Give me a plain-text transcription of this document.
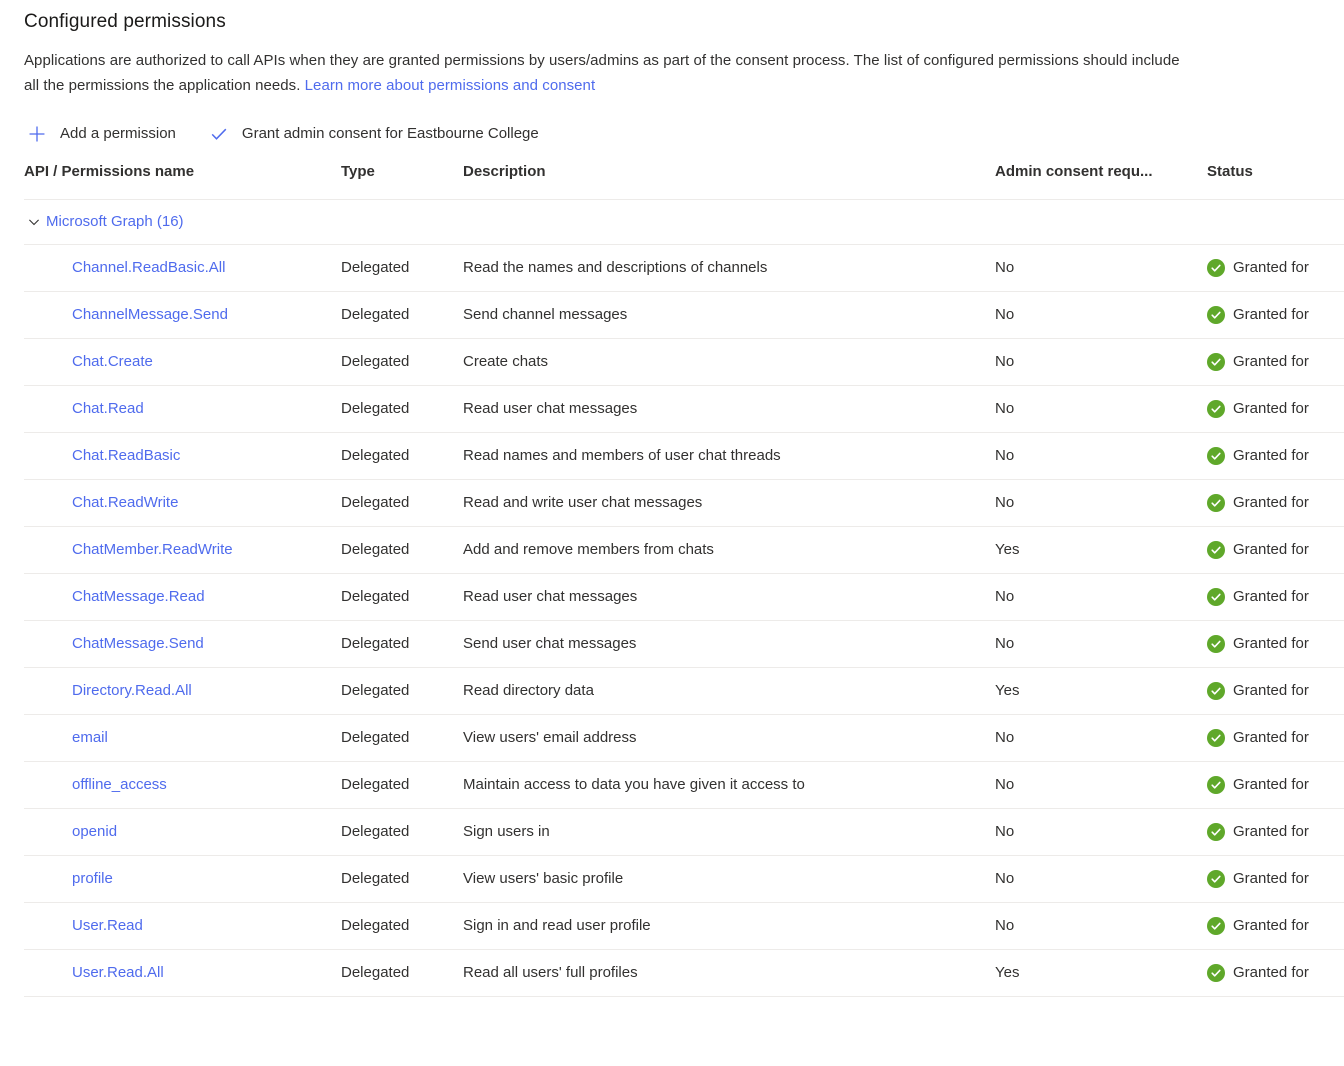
Configured permissions
Applications are authorized to call APIs when they are granted permissions by users/admins as part of the consent process. The list of configured permissions should include
all the permissions the application needs. Learn more about permissions and consent
Add a permission	Grant admin consent for Eastbourne College
API / Permissions name	Type	Description	Admin consent requ...	Status
Microsoft Graph (16)
Channel.ReadBasic.All	Delegated	Read the names and descriptions of channels	No	Granted for
ChannelMessage.Send	Delegated	Send channel messages	No	Granted for
Chat.Create	Delegated	Create chats	No	Granted for
Chat.Read	Delegated	Read user chat messages	No	Granted for
Chat.ReadBasic	Delegated	Read names and members of user chat threads	No	Granted for
Chat.ReadWrite	Delegated	Read and write user chat messages	No	Granted for
ChatMember.ReadWrite	Delegated	Add and remove members from chats	Yes	Granted for
ChatMessage.Read	Delegated	Read user chat messages	No	Granted for
ChatMessage.Send	Delegated	Send user chat messages	No	Granted for
Directory.Read.All	Delegated	Read directory data	Yes	Granted for
email	Delegated	View users' email address	No	Granted for
offline_access	Delegated	Maintain access to data you have given it access to	No	Granted for
openid	Delegated	Sign users in	No	Granted for
profile	Delegated	View users' basic profile	No	Granted for
User.Read	Delegated	Sign in and read user profile	No	Granted for
User.Read.All	Delegated	Read all users' full profiles	Yes	Granted for
